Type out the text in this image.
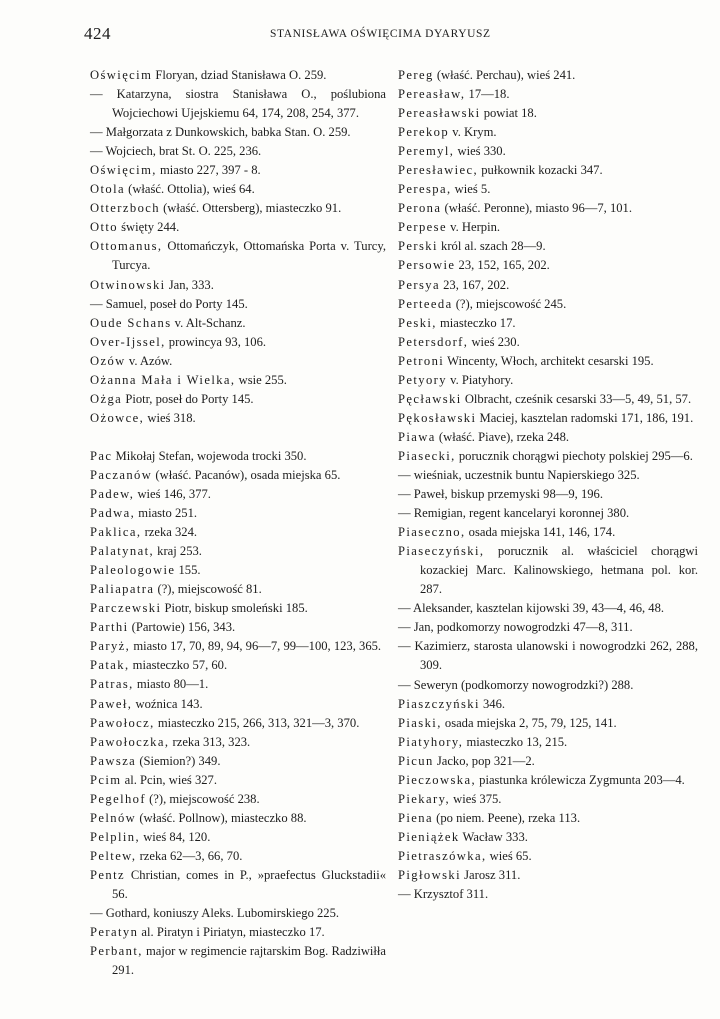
424	STANISŁAWA OŚWIĘCIMA DYARYUSZ

Oświęcim Floryan, dziad Stanisława O. 259.

— Katarzyna, siostra Stanisława O., poślubiona Wojciechowi Ujejskiemu 64, 174, 208, 254, 377.

— Małgorzata z Dunkowskich, babka Stan. O. 259.

— Wojciech, brat St. O. 225, 236.

Oświęcim, miasto 227, 397 - 8.

Otola (właść. Ottolia), wieś 64.

Otterzboch (właść. Ottersberg), miasteczko 91.

Otto święty 244.

Ottomanus, Ottomańczyk, Ottomańska Porta v. Turcy, Turcya.

Otwinowski Jan, 333.

— Samuel, poseł do Porty 145.

Oude Schans v. Alt-Schanz.

Over-Ijssel, prowincya 93, 106.

Ozów v. Azów.

Ożanna Mała i Wielka, wsie 255.

Ożga Piotr, poseł do Porty 145.

Ożowce, wieś 318.

Pac Mikołaj Stefan, wojewoda trocki 350.

Paczanów (właść. Pacanów), osada miejska 65.

Padew, wieś 146, 377.

Padwa, miasto 251.

Paklica, rzeka 324.

Palatynat, kraj 253.

Paleologowie 155.

Paliapatra (?), miejscowość 81.

Parczewski Piotr, biskup smoleński 185.

Parthi (Partowie) 156, 343.

Paryż, miasto 17, 70, 89, 94, 96—7, 99—100, 123, 365.

Patak, miasteczko 57, 60.

Patras, miasto 80—1.

Paweł, woźnica 143.

Pawołocz, miasteczko 215, 266, 313, 321—3, 370.

Pawołoczka, rzeka 313, 323.

Pawsza (Siemion?) 349.

Pcim al. Pcin, wieś 327.

Pegelhof (?), miejscowość 238.

Pelnów (właść. Pollnow), miasteczko 88.

Pelplin, wieś 84, 120.

Peltew, rzeka 62—3, 66, 70.

Pentz Christian, comes in P., »praefectus Gluckstadii« 56.

— Gothard, koniuszy Aleks. Lubomirskiego 225.

Peratyn al. Piratyn i Piriatyn, miasteczko 17.

Perbant, major w regimencie rajtarskim Bog. Radziwiłła 291.

Pereg (właść. Perchau), wieś 241.

Pereasław, 17—18.

Pereasławski powiat 18.

Perekop v. Krym.

Peremyl, wieś 330.

Peresławiec, pułkownik kozacki 347.

Perespa, wieś 5.

Perona (właść. Peronne), miasto 96—7, 101.

Perpese v. Herpin.

Perski król al. szach 28—9.

Persowie 23, 152, 165, 202.

Persya 23, 167, 202.

Perteeda (?), miejscowość 245.

Peski, miasteczko 17.

Petersdorf, wieś 230.

Petroni Wincenty, Włoch, architekt cesarski 195.

Petyory v. Piatyhory.

Pęcławski Olbracht, cześnik cesarski 33—5, 49, 51, 57.

Pękosławski Maciej, kasztelan radomski 171, 186, 191.

Piawa (właść. Piave), rzeka 248.

Piasecki, porucznik chorągwi piechoty polskiej 295—6.

— wieśniak, uczestnik buntu Napierskiego 325.

— Paweł, biskup przemyski 98—9, 196.

— Remigian, regent kancelaryi koronnej 380.

Piaseczno, osada miejska 141, 146, 174.

Piaseczyński, porucznik al. właściciel chorągwi kozackiej Marc. Kalinowskiego, hetmana pol. kor. 287.

— Aleksander, kasztelan kijowski 39, 43—4, 46, 48.

— Jan, podkomorzy nowogrodzki 47—8, 311.

— Kazimierz, starosta ulanowski i nowogrodzki 262, 288, 309.

— Seweryn (podkomorzy nowogrodzki?) 288.

Piaszczyński 346.

Piaski, osada miejska 2, 75, 79, 125, 141.

Piatyhory, miasteczko 13, 215.

Picun Jacko, pop 321—2.

Pieczowska, piastunka królewicza Zygmunta 203—4.

Piekary, wieś 375.

Piena (po niem. Peene), rzeka 113.

Pieniążek Wacław 333.

Pietraszówka, wieś 65.

Pigłowski Jarosz 311.

— Krzysztof 311.
